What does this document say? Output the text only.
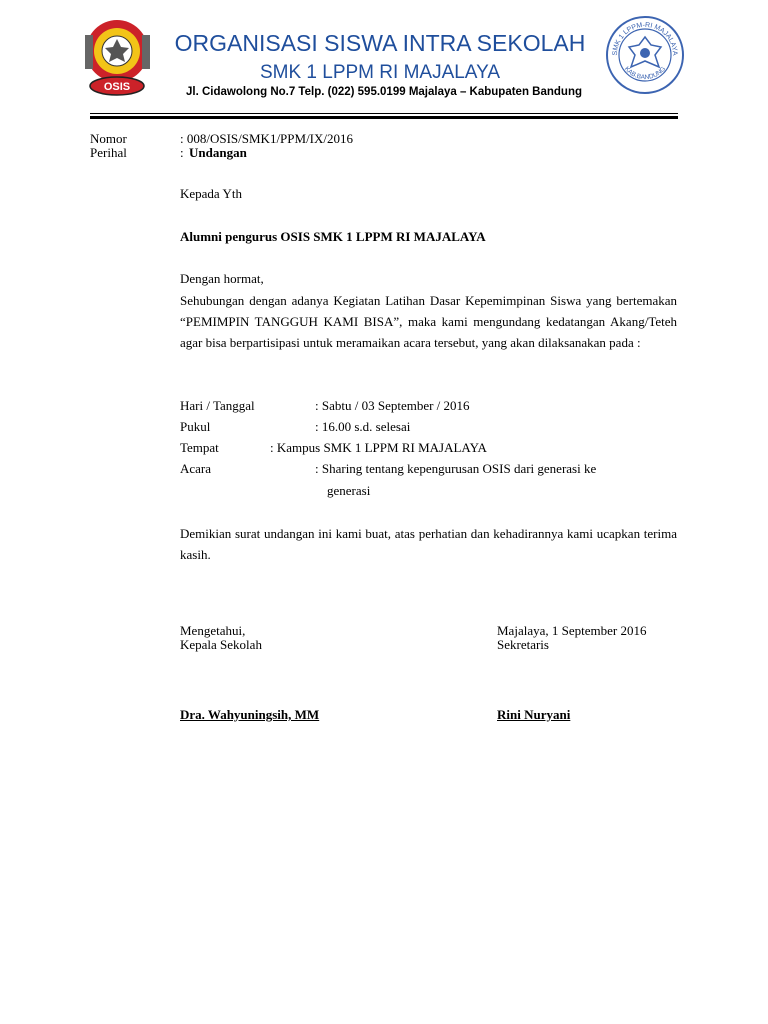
OSIS
SMK 1 LPPM-RI MAJALAYA
KAB.BANDUNG
ORGANISASI SISWA INTRA SEKOLAH
SMK 1 LPPM RI MAJALAYA
Jl. Cidawolong No.7 Telp. (022) 595.0199 Majalaya – Kabupaten Bandung
Nomor	: 008/OSIS/SMK1/PPM/IX/2016
Perihal	: Undangan
Kepada Yth
Alumni pengurus OSIS SMK 1 LPPM RI MAJALAYA
Dengan hormat,
Sehubungan dengan adanya Kegiatan Latihan Dasar Kepemimpinan Siswa yang bertemakan “PEMIMPIN TANGGUH KAMI BISA”, maka kami mengundang kedatangan Akang/Teteh agar bisa berpartisipasi untuk meramaikan acara tersebut, yang akan dilaksanakan pada :
Hari / Tanggal	: Sabtu / 03 September / 2016
Pukul	: 16.00 s.d. selesai
Tempat	: Kampus SMK 1 LPPM RI MAJALAYA
Acara	: Sharing tentang kepengurusan OSIS dari generasi ke
generasi
Demikian surat undangan ini kami buat, atas perhatian dan kehadirannya kami ucapkan terima kasih.
Mengetahui,
Kepala Sekolah
Dra. Wahyuningsih, MM
Majalaya, 1 September 2016
Sekretaris
Rini Nuryani
